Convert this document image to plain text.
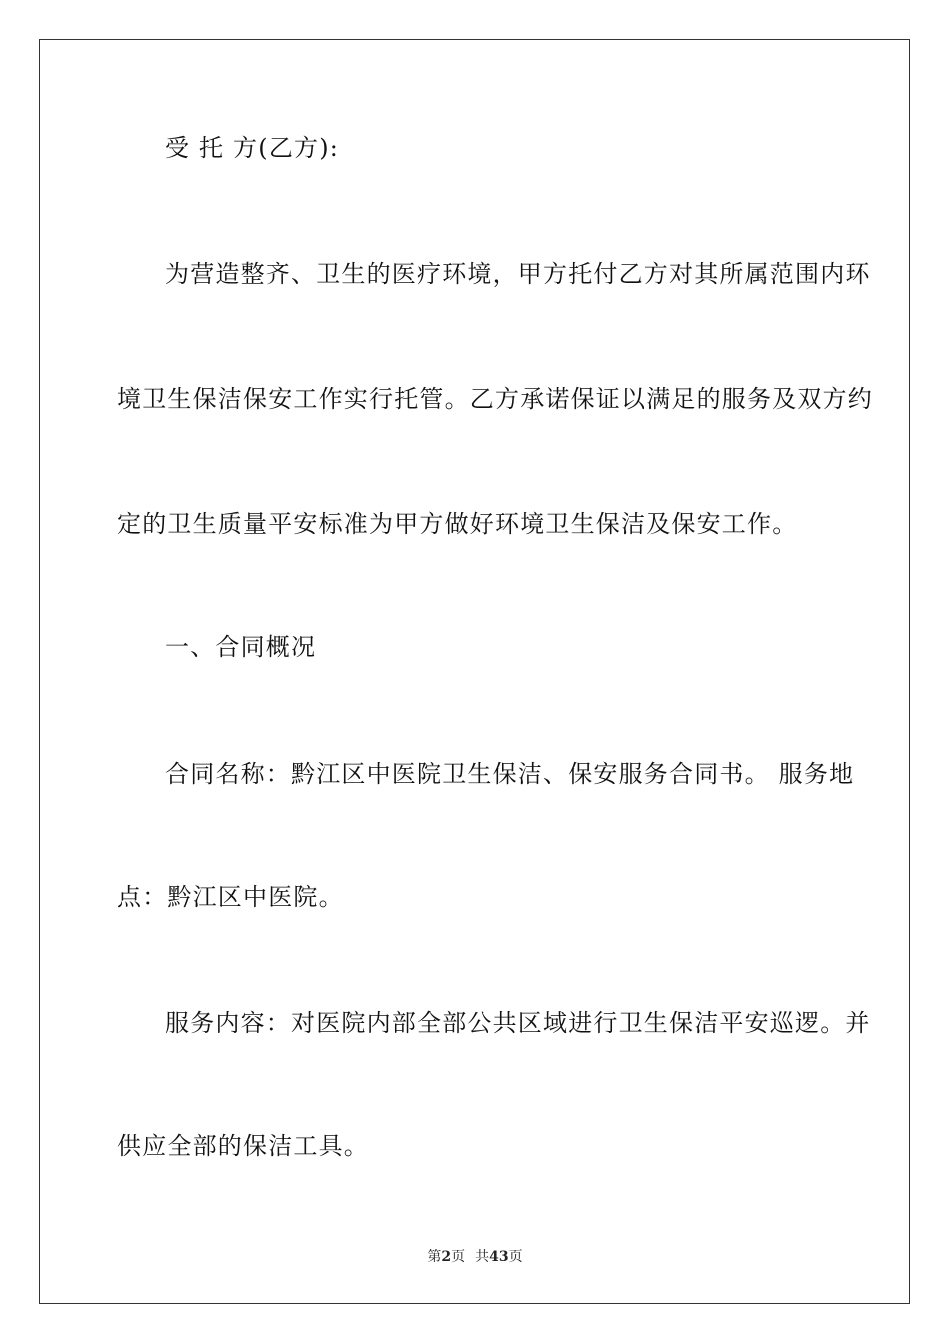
受 托 方(乙方):
为营造整齐、卫生的医疗环境，甲方托付乙方对其所属范围内环
境卫生保洁保安工作实行托管。乙方承诺保证以满足的服务及双方约
定的卫生质量平安标准为甲方做好环境卫生保洁及保安工作。
一、合同概况
合同名称：黔江区中医院卫生保洁、保安服务合同书。 服务地
点：黔江区中医院。
服务内容：对医院内部全部公共区域进行卫生保洁平安巡逻。并
供应全部的保洁工具。
第2页 共43页
